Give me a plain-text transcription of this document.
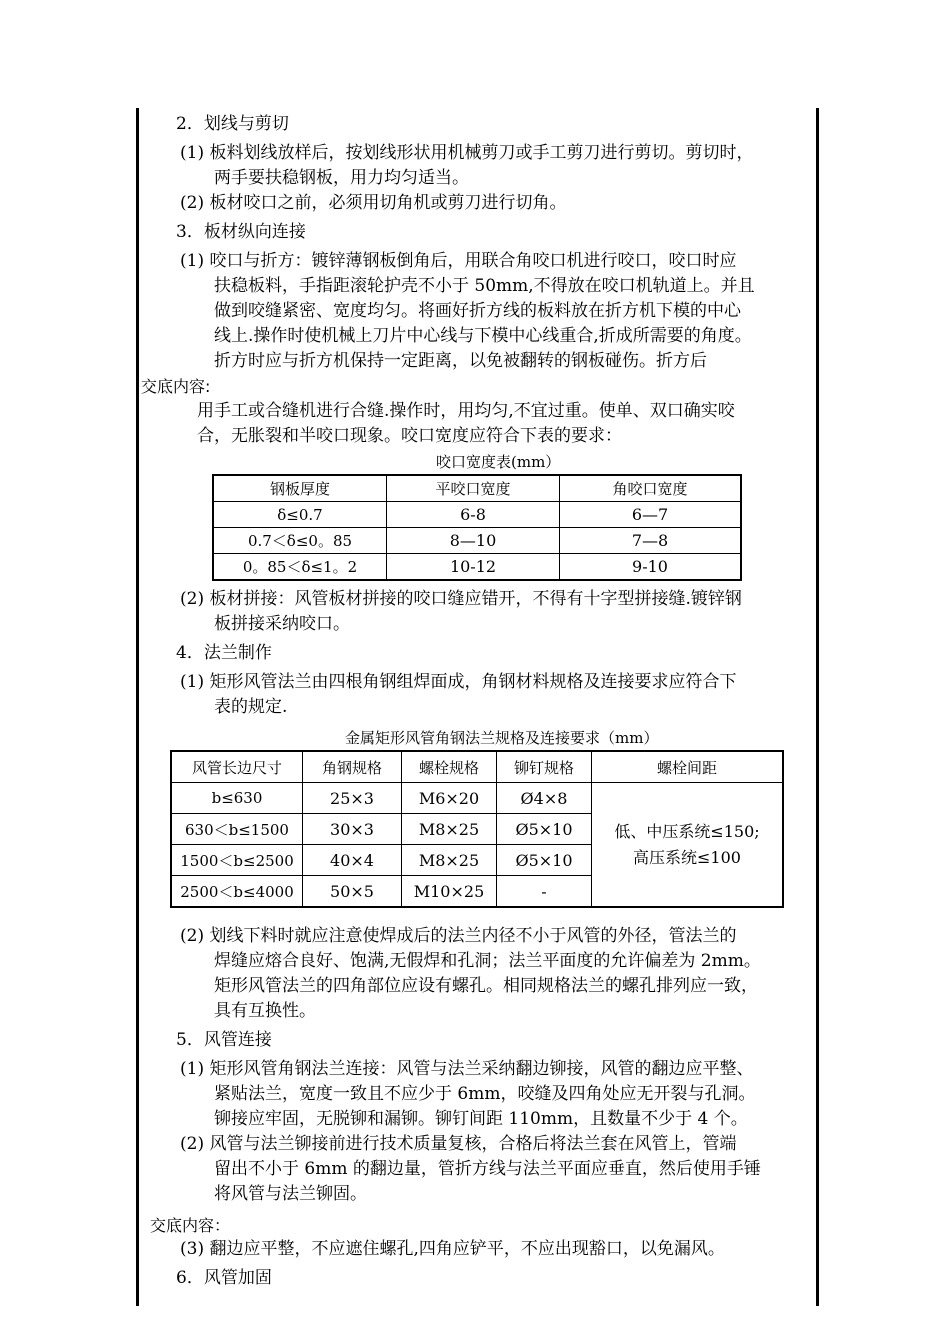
2．划线与剪切
(1) 板料划线放样后，按划线形状用机械剪刀或手工剪刀进行剪切。剪切时，
两手要扶稳钢板，用力均匀适当。
(2) 板材咬口之前，必须用切角机或剪刀进行切角。
3．板材纵向连接
(1) 咬口与折方：镀锌薄钢板倒角后，用联合角咬口机进行咬口，咬口时应
扶稳板料，手指距滚轮护壳不小于 50mm,不得放在咬口机轨道上。并且
做到咬缝紧密、宽度均匀。将画好折方线的板料放在折方机下模的中心
线上.操作时使机械上刀片中心线与下模中心线重合,折成所需要的角度。
折方时应与折方机保持一定距离，以免被翻转的钢板碰伤。折方后
交底内容:
用手工或合缝机进行合缝.操作时，用均匀,不宜过重。使单、双口确实咬
合，无胀裂和半咬口现象。咬口宽度应符合下表的要求：
咬口宽度表(mm）
钢板厚度	平咬口宽度	角咬口宽度
δ≤0.7	6-8	6—7
0.7＜δ≤0。85	8—10	7—8
0。85＜δ≤1。2	10-12	9-10
(2) 板材拼接：风管板材拼接的咬口缝应错开，不得有十字型拼接缝.镀锌钢
板拼接采纳咬口。
4．法兰制作
(1) 矩形风管法兰由四根角钢组焊面成，角钢材料规格及连接要求应符合下
表的规定.
金属矩形风管角钢法兰规格及连接要求（mm）
风管长边尺寸	角钢规格	螺栓规格	铆钉规格	螺栓间距
b≤630	25×3	M6×20	Ø4×8	低、中压系统≤150;
高压系统≤100

630＜b≤1500	30×3	M8×25	Ø5×10	
1500＜b≤2500	40×4	M8×25	Ø5×10	
2500＜b≤4000	50×5	M10×25	-	
(2) 划线下料时就应注意使焊成后的法兰内径不小于风管的外径，管法兰的
焊缝应熔合良好、饱满,无假焊和孔洞；法兰平面度的允许偏差为 2mm。
矩形风管法兰的四角部位应设有螺孔。相同规格法兰的螺孔排列应一致，
具有互换性。
5．风管连接
(1) 矩形风管角钢法兰连接：风管与法兰采纳翻边铆接，风管的翻边应平整、
紧贴法兰，宽度一致且不应少于 6mm，咬缝及四角处应无开裂与孔洞。
铆接应牢固，无脱铆和漏铆。铆钉间距 110mm，且数量不少于 4 个。
(2) 风管与法兰铆接前进行技术质量复核，合格后将法兰套在风管上，管端
留出不小于 6mm 的翻边量，管折方线与法兰平面应垂直，然后使用手锤
将风管与法兰铆固。
交底内容：
(3) 翻边应平整，不应遮住螺孔,四角应铲平，不应出现豁口，以免漏风。
6．风管加固
